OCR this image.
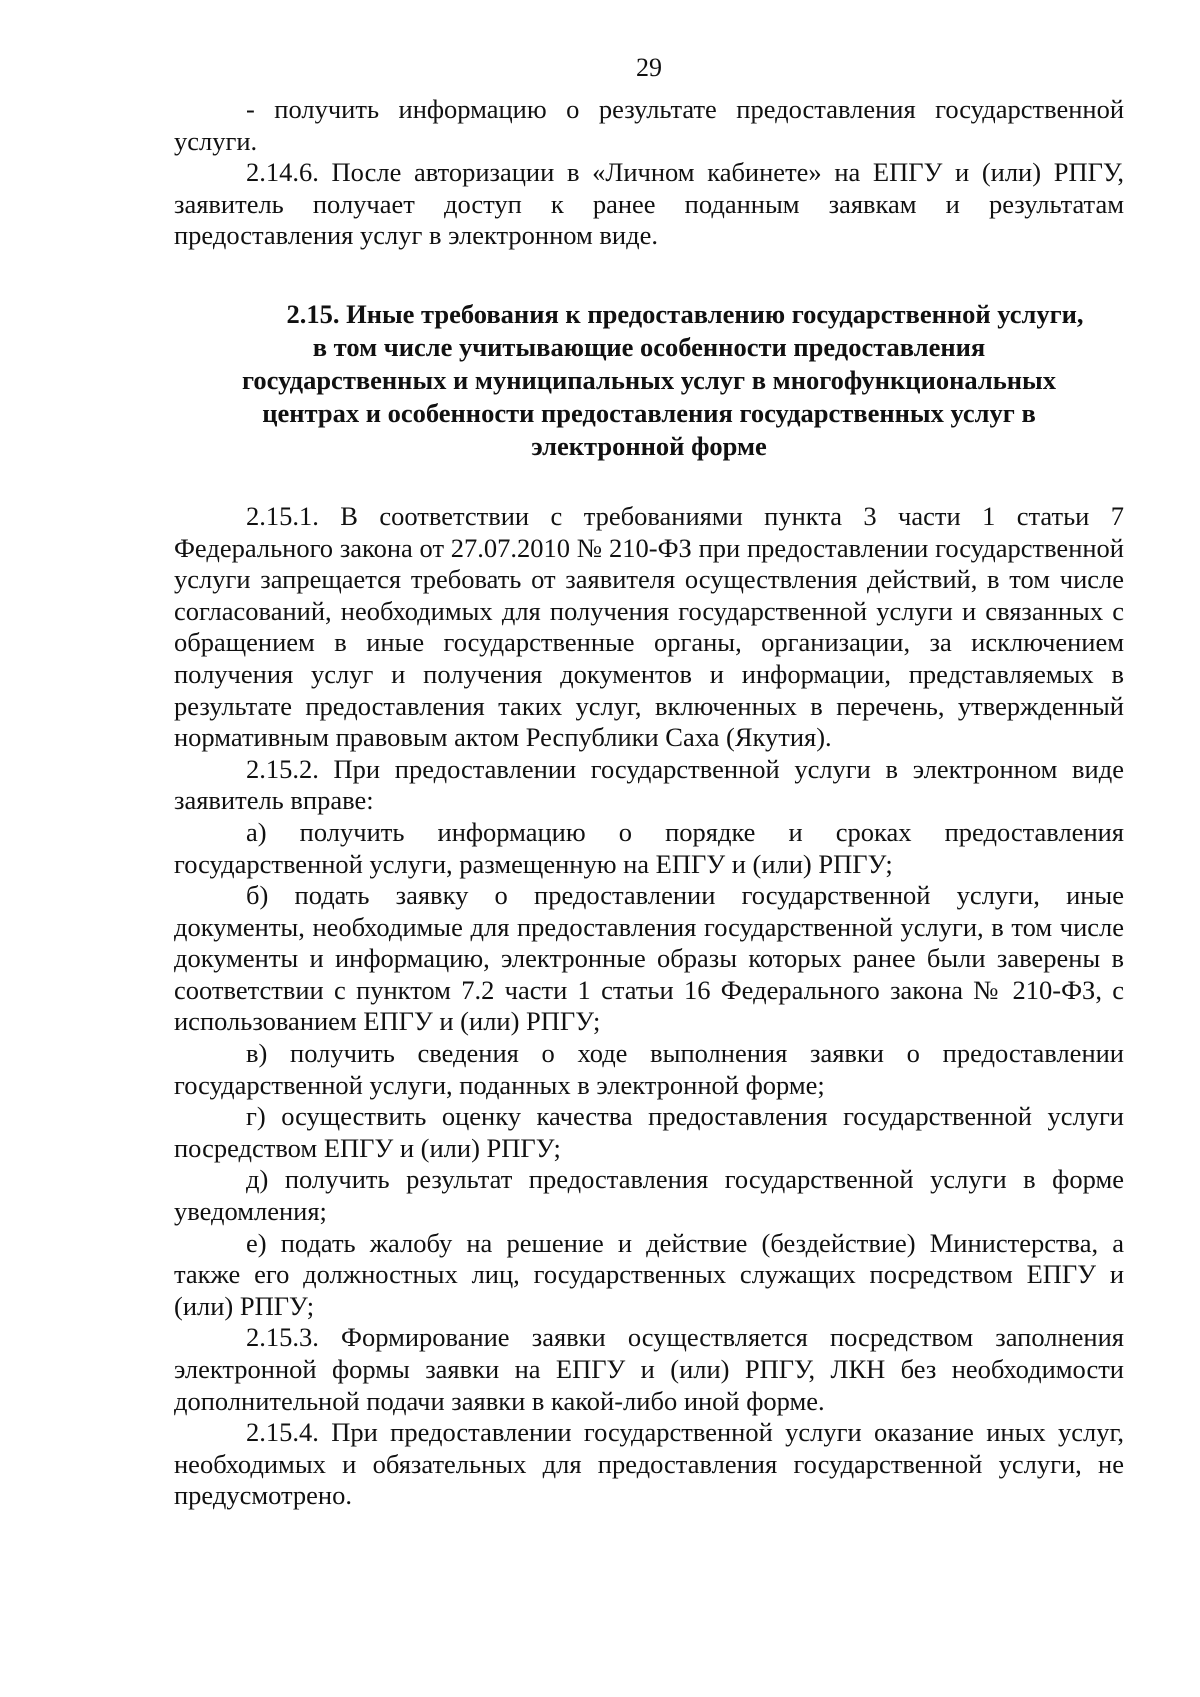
29

- получить информацию о результате предоставления государственной услуги.

2.14.6. После авторизации в «Личном кабинете» на ЕПГУ и (или) РПГУ, заявитель получает доступ к ранее поданным заявкам и результатам предоставления услуг в электронном виде.

2.15. Иные требования к предоставлению государственной услуги,
в том числе учитывающие особенности предоставления
государственных и муниципальных услуг в многофункциональных
центрах и особенности предоставления государственных услуг в
электронной форме

2.15.1. В соответствии с требованиями пункта 3 части 1 статьи 7 Федерального закона от 27.07.2010 № 210-ФЗ при предоставлении государственной услуги запрещается требовать от заявителя осуществления действий, в том числе согласований, необходимых для получения государственной услуги и связанных с обращением в иные государственные органы, организации, за исключением получения услуг и получения документов и информации, представляемых в результате предоставления таких услуг, включенных в перечень, утвержденный нормативным правовым актом Республики Саха (Якутия).

2.15.2. При предоставлении государственной услуги в электронном виде заявитель вправе:

а) получить информацию о порядке и сроках предоставления государственной услуги, размещенную на ЕПГУ и (или) РПГУ;

б) подать заявку о предоставлении государственной услуги, иные документы, необходимые для предоставления государственной услуги, в том числе документы и информацию, электронные образы которых ранее были заверены в соответствии с пунктом 7.2 части 1 статьи 16 Федерального закона № 210-ФЗ, с использованием ЕПГУ и (или) РПГУ;

в) получить сведения о ходе выполнения заявки о предоставлении государственной услуги, поданных в электронной форме;

г) осуществить оценку качества предоставления государственной услуги посредством ЕПГУ и (или) РПГУ;

д) получить результат предоставления государственной услуги в форме уведомления;

е) подать жалобу на решение и действие (бездействие) Министерства, а также его должностных лиц, государственных служащих посредством ЕПГУ и (или) РПГУ;

2.15.3. Формирование заявки осуществляется посредством заполнения электронной формы заявки на ЕПГУ и (или) РПГУ, ЛКН без необходимости дополнительной подачи заявки в какой-либо иной форме.

2.15.4. При предоставлении государственной услуги оказание иных услуг, необходимых и обязательных для предоставления государственной услуги, не предусмотрено.
